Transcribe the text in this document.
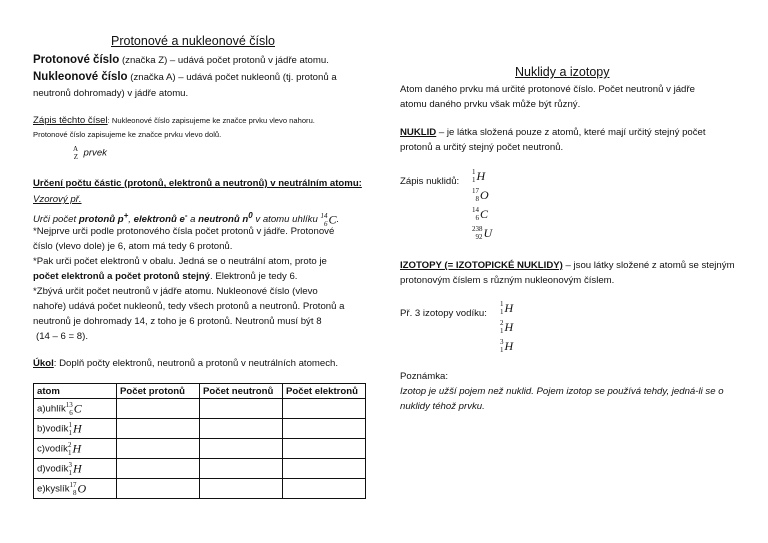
Protonové a nukleonové číslo
Protonové číslo (značka Z) – udává počet protonů v jádře atomu.
Nukleonové číslo (značka A) – udává počet nukleonů (tj. protonů a
neutronů dohromady) v jádře atomu.
Zápis těchto čísel: Nukleonové číslo zapisujeme ke značce prvku vlevo nahoru.
Protonové číslo zapisujeme ke značce prvku vlevo dolů.
A
Z prvek
Určení počtu částic (protonů, elektronů a neutronů) v neutrálním atomu:
Vzorový př.
Urči počet protonů p+, elektronů e- a neutronů $n^0$ v atomu uhlíku 14
6 C.
*Nejprve urči podle protonového čísla počet protonů v jádře. Protonové
číslo (vlevo dole) je 6, atom má tedy 6 protonů.
*Pak urči počet elektronů v obalu. Jedná se o neutrální atom, proto je
počet elektronů a počet protonů stejný. Elektronů je tedy 6.
*Zbývá určit počet neutronů v jádře atomu. Nukleonové číslo (vlevo
nahoře) udává počet nukleonů, tedy všech protonů a neutronů. Protonů a
neutronů je dohromady 14, z toho je 6 protonů. Neutronů musí být 8
(14 – 6 = 8).
Úkol: Doplň počty elektronů, neutronů a protonů v neutrálních atomech.
atom	Počet protonů	Počet neutronů	Počet elektronů
a)uhlík 13
6 C			
b)vodík 1
1 H			
c)vodík 2
1 H			
d)vodík 3
1 H			
e)kyslík 17
8 O			
Nuklidy a izotopy
Atom daného prvku má určité protonové číslo. Počet neutronů v jádře
atomu daného prvku však může být různý.
NUKLID – je látka složená pouze z atomů, které mají určitý stejný počet
protonů a určitý stejný počet neutronů.
Zápis nuklidů:
1
1 H
17
8 O
14
6 C
238
92 U
IZOTOPY (= IZOTOPICKÉ NUKLIDY) – jsou látky složené z atomů se stejným
protonovým číslem s různým nukleonovým číslem.
Př. 3 izotopy vodíku:
1
1 H
2
1 H
3
1 H
Poznámka:
Izotop je užší pojem než nuklid. Pojem izotop se používá tehdy, jedná-li se o
nuklidy téhož prvku.
